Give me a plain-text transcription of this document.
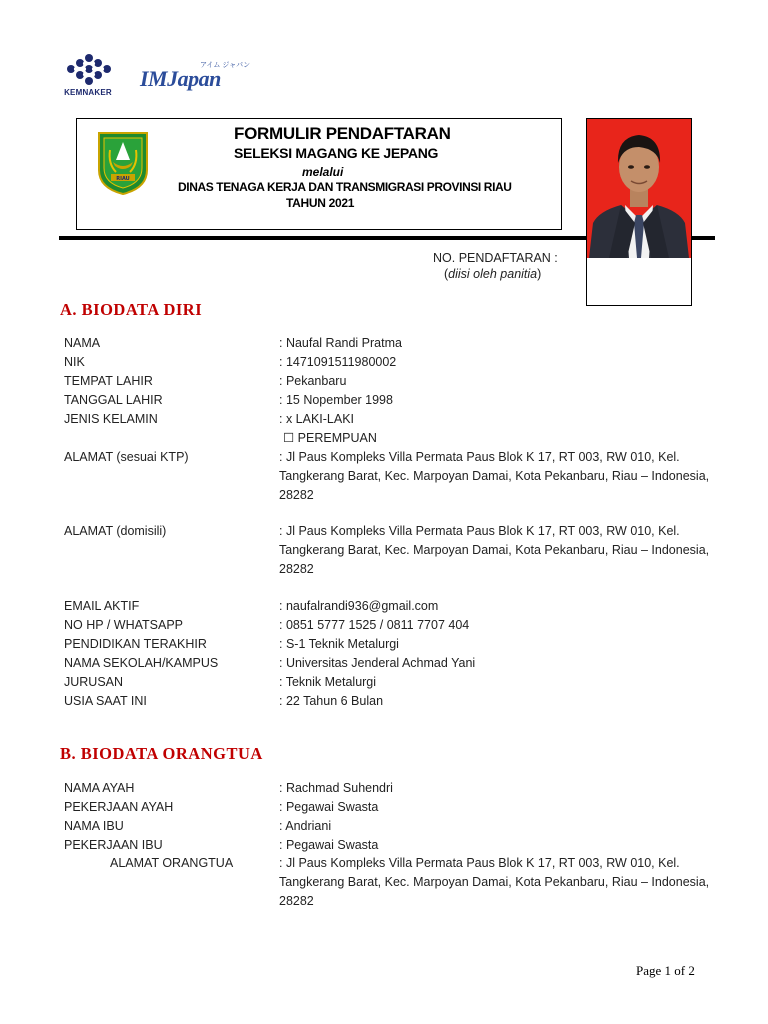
KEMNAKER
IMJapan
アイム ジャパン
RIAU
FORMULIR PENDAFTARAN
SELEKSI MAGANG KE JEPANG
melalui
DINAS TENAGA KERJA DAN TRANSMIGRASI PROVINSI RIAU
TAHUN 2021
NO. PENDAFTARAN :
(diisi oleh panitia)
A. BIODATA DIRI
NAMA	: Naufal Randi Pratma
NIK	: 1471091511980002
TEMPAT LAHIR	: Pekanbaru
TANGGAL LAHIR	: 15 Nopember 1998
JENIS KELAMIN	: x LAKI-LAKI
☐ PEREMPUAN
ALAMAT (sesuai KTP)	: Jl Paus Kompleks Villa Permata Paus Blok K 17, RT 003, RW 010, Kel. Tangkerang Barat, Kec. Marpoyan Damai, Kota Pekanbaru, Riau – Indonesia, 28282
ALAMAT (domisili)	: Jl Paus Kompleks Villa Permata Paus Blok K 17, RT 003, RW 010, Kel. Tangkerang Barat, Kec. Marpoyan Damai, Kota Pekanbaru, Riau – Indonesia, 28282
EMAIL AKTIF	: naufalrandi936@gmail.com
NO HP / WHATSAPP	: 0851 5777 1525 / 0811 7707 404
PENDIDIKAN TERAKHIR	: S-1 Teknik Metalurgi
NAMA SEKOLAH/KAMPUS	: Universitas Jenderal Achmad Yani
JURUSAN	: Teknik Metalurgi
USIA SAAT INI	: 22 Tahun 6 Bulan
B. BIODATA ORANGTUA
NAMA AYAH	: Rachmad Suhendri
PEKERJAAN AYAH	: Pegawai Swasta
NAMA IBU	: Andriani
PEKERJAAN IBU	: Pegawai Swasta
ALAMAT ORANGTUA	: Jl Paus Kompleks Villa Permata Paus Blok K 17, RT 003, RW 010, Kel. Tangkerang Barat, Kec. Marpoyan Damai, Kota Pekanbaru, Riau – Indonesia, 28282
Page 1 of 2
